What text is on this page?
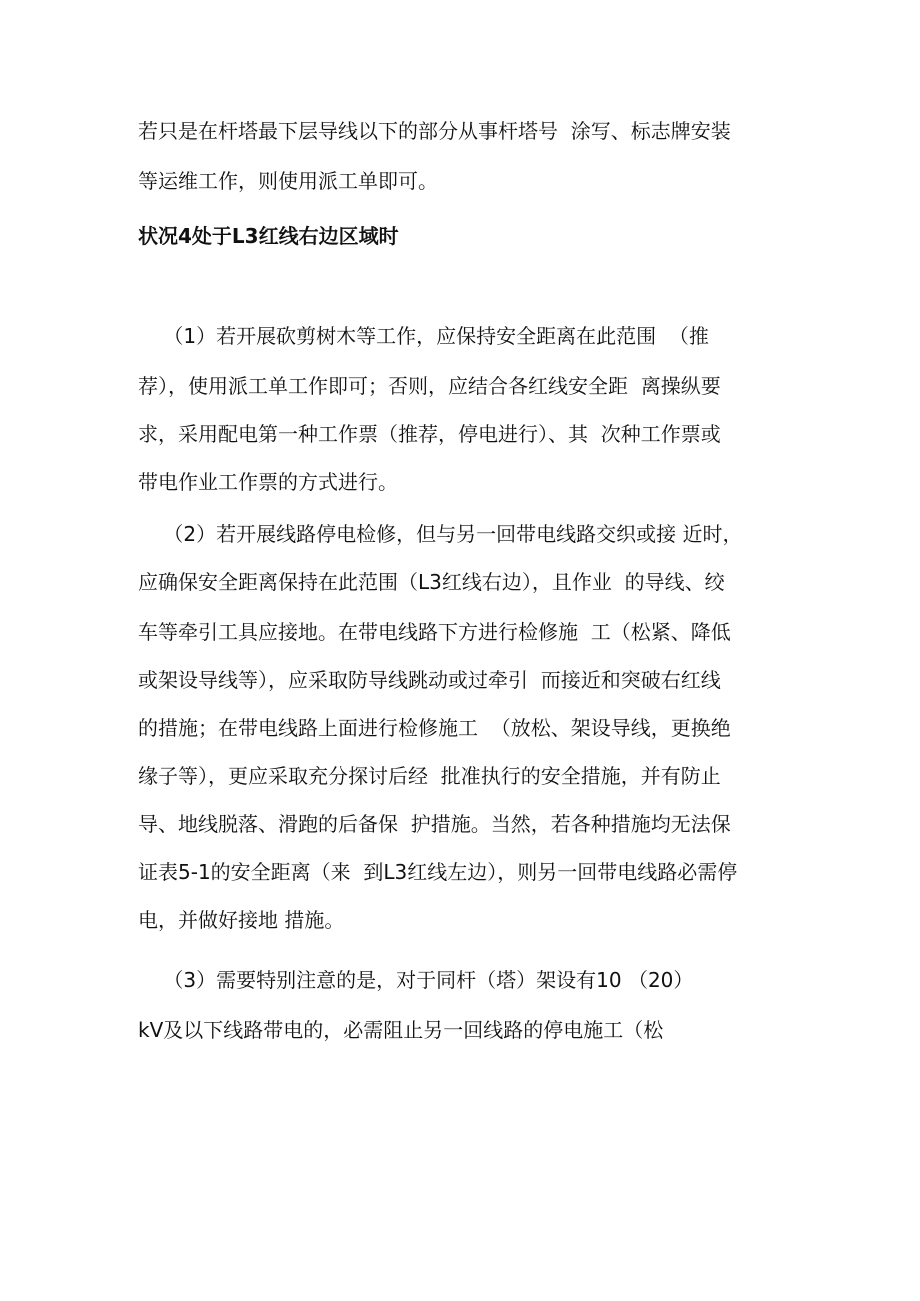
若只是在杆塔最下层导线以下的部分从事杆塔号  涂写、标志牌安装
等运维工作，则使用派工单即可。
状况4处于L3红线右边区域时
（1）若开展砍剪树木等工作，应保持安全距离在此范围  （推
荐），使用派工单工作即可；否则，应结合各红线安全距  离操纵要
求，采用配电第一种工作票（推荐，停电进行）、其  次种工作票或
带电作业工作票的方式进行。
（2）若开展线路停电检修，但与另一回带电线路交织或接 近时，
应确保安全距离保持在此范围（L3红线右边），且作业  的导线、绞
车等牵引工具应接地。在带电线路下方进行检修施  工（松紧、降低
或架设导线等），应采取防导线跳动或过牵引  而接近和突破右红线
的措施；在带电线路上面进行检修施工  （放松、架设导线，更换绝
缘子等），更应采取充分探讨后经  批准执行的安全措施，并有防止
导、地线脱落、滑跑的后备保  护措施。当然，若各种措施均无法保
证表5-1的安全距离（来  到L3红线左边），则另一回带电线路必需停
电，并做好接地 措施。
（3）需要特别注意的是，对于同杆（塔）架设有10 （20）
kV及以下线路带电的，必需阻止另一回线路的停电施工（松
